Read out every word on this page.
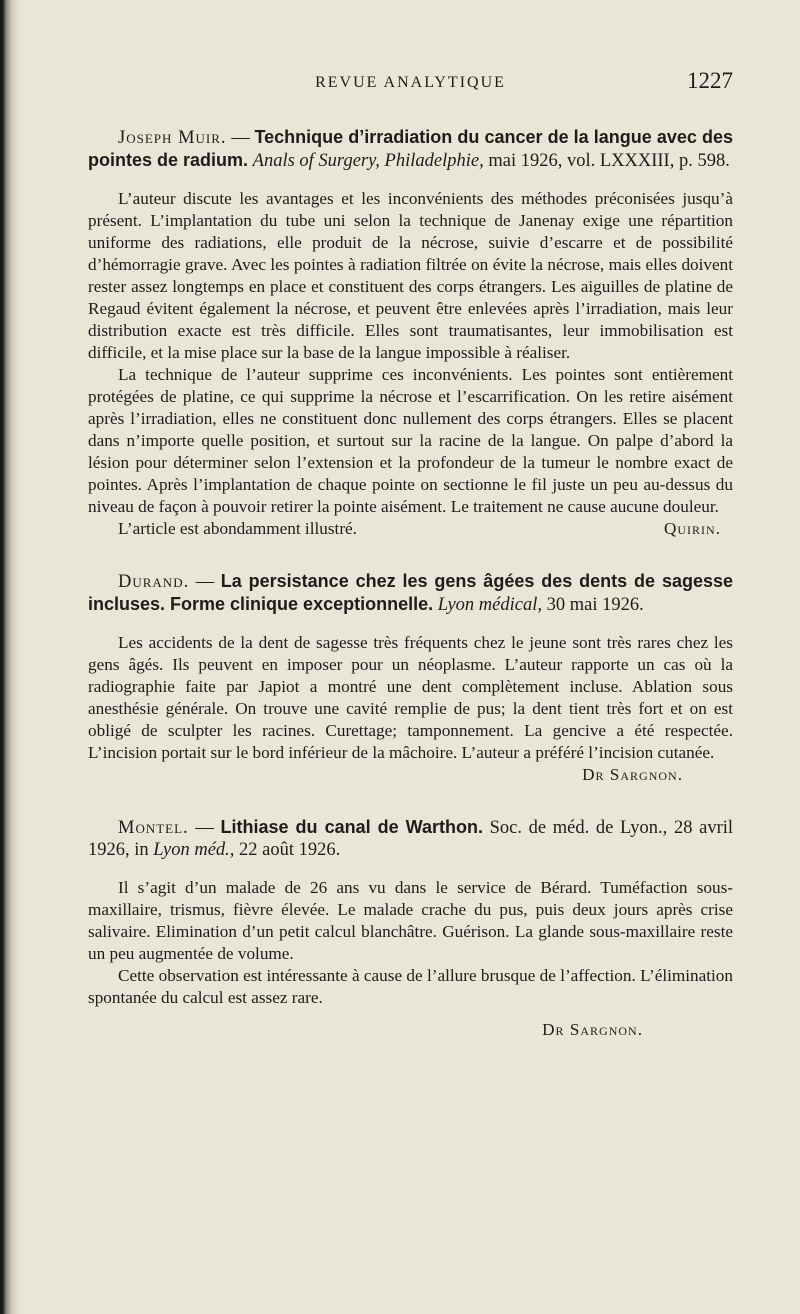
REVUE ANALYTIQUE	1227

Joseph Muir. — Technique d’irradiation du cancer de la langue avec des pointes de radium. Anals of Surgery, Philadelphie, mai 1926, vol. LXXXIII, p. 598.

L’auteur discute les avantages et les inconvénients des méthodes préconisées jusqu’à présent. L’implantation du tube uni selon la technique de Janenay exige une répartition uniforme des radiations, elle produit de la nécrose, suivie d’escarre et de possibilité d’hémorragie grave. Avec les pointes à radiation filtrée on évite la nécrose, mais elles doivent rester assez longtemps en place et constituent des corps étrangers. Les aiguilles de platine de Regaud évitent également la nécrose, et peuvent être enlevées après l’irradiation, mais leur distribution exacte est très difficile. Elles sont traumatisantes, leur immobilisation est difficile, et la mise place sur la base de la langue impossible à réaliser.

La technique de l’auteur supprime ces inconvénients. Les pointes sont entièrement protégées de platine, ce qui supprime la nécrose et l’escarrification. On les retire aisément après l’irradiation, elles ne constituent donc nullement des corps étrangers. Elles se placent dans n’importe quelle position, et surtout sur la racine de la langue. On palpe d’abord la lésion pour déterminer selon l’extension et la profondeur de la tumeur le nombre exact de pointes. Après l’implantation de chaque pointe on sectionne le fil juste un peu au-dessus du niveau de façon à pouvoir retirer la pointe aisément. Le traitement ne cause aucune douleur.

L’article est abondamment illustré.	Quirin.

Durand. — La persistance chez les gens âgées des dents de sagesse incluses. Forme clinique exceptionnelle. Lyon médical, 30 mai 1926.

Les accidents de la dent de sagesse très fréquents chez le jeune sont très rares chez les gens âgés. Ils peuvent en imposer pour un néoplasme. L’auteur rapporte un cas où la radiographie faite par Japiot a montré une dent complètement incluse. Ablation sous anesthésie générale. On trouve une cavité remplie de pus; la dent tient très fort et on est obligé de sculpter les racines. Curettage; tamponnement. La gencive a été respectée. L’incision portait sur le bord inférieur de la mâchoire. L’auteur a préféré l’incision cutanée.
Dr Sargnon.

Montel. — Lithiase du canal de Warthon. Soc. de méd. de Lyon., 28 avril 1926, in Lyon méd., 22 août 1926.

Il s’agit d’un malade de 26 ans vu dans le service de Bérard. Tuméfaction sous-maxillaire, trismus, fièvre élevée. Le malade crache du pus, puis deux jours après crise salivaire. Elimination d’un petit calcul blanchâtre. Guérison. La glande sous-maxillaire reste un peu augmentée de volume.

Cette observation est intéressante à cause de l’allure brusque de l’affection. L’élimination spontanée du calcul est assez rare.

Dr Sargnon.
